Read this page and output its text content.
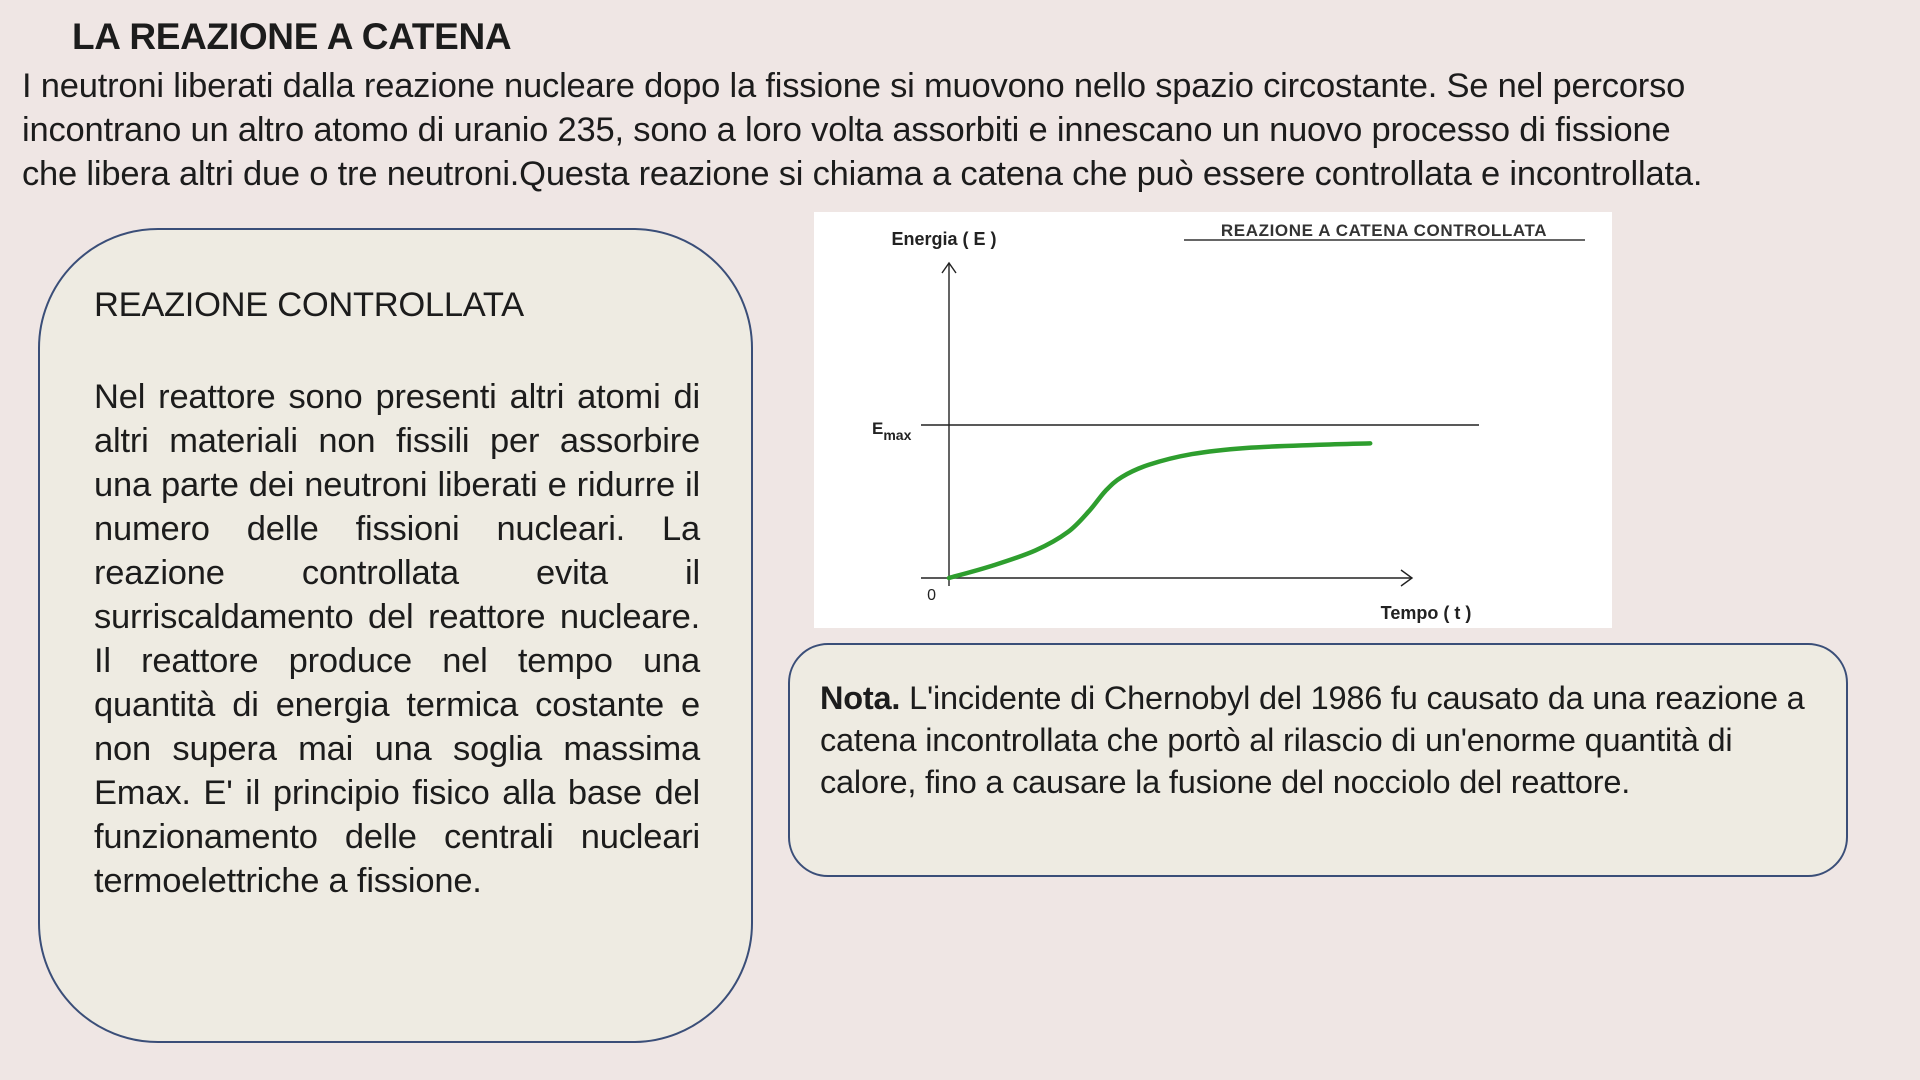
LA REAZIONE A CATENA
I neutroni liberati dalla reazione nucleare dopo la fissione si muovono nello spazio circostante. Se nel percorso
incontrano un altro atomo di uranio 235, sono a loro volta assorbiti e innescano un nuovo processo di fissione
che libera altri due o tre neutroni.Questa reazione si chiama a catena che può essere controllata e incontrollata.
REAZIONE CONTROLLATA

Nel reattore sono presenti altri atomi di altri materiali non fissili per assorbire una parte dei neutroni liberati e ridurre il numero delle fissioni nucleari. La reazione controllata evita il surriscaldamento del reattore nucleare. Il reattore produce nel tempo una quantità di energia termica costante e non supera mai una soglia massima Emax. E' il principio fisico alla base del funzionamento delle centrali nucleari termoelettriche a fissione.

REAZIONE A CATENA CONTROLLATA
Energia ( E )
Tempo ( t )
0
$E_{max}$

Nota. L'incidente di Chernobyl del 1986 fu causato da una reazione a catena incontrollata che portò al rilascio di un'enorme quantità di calore, fino a causare la fusione del nocciolo del reattore.
